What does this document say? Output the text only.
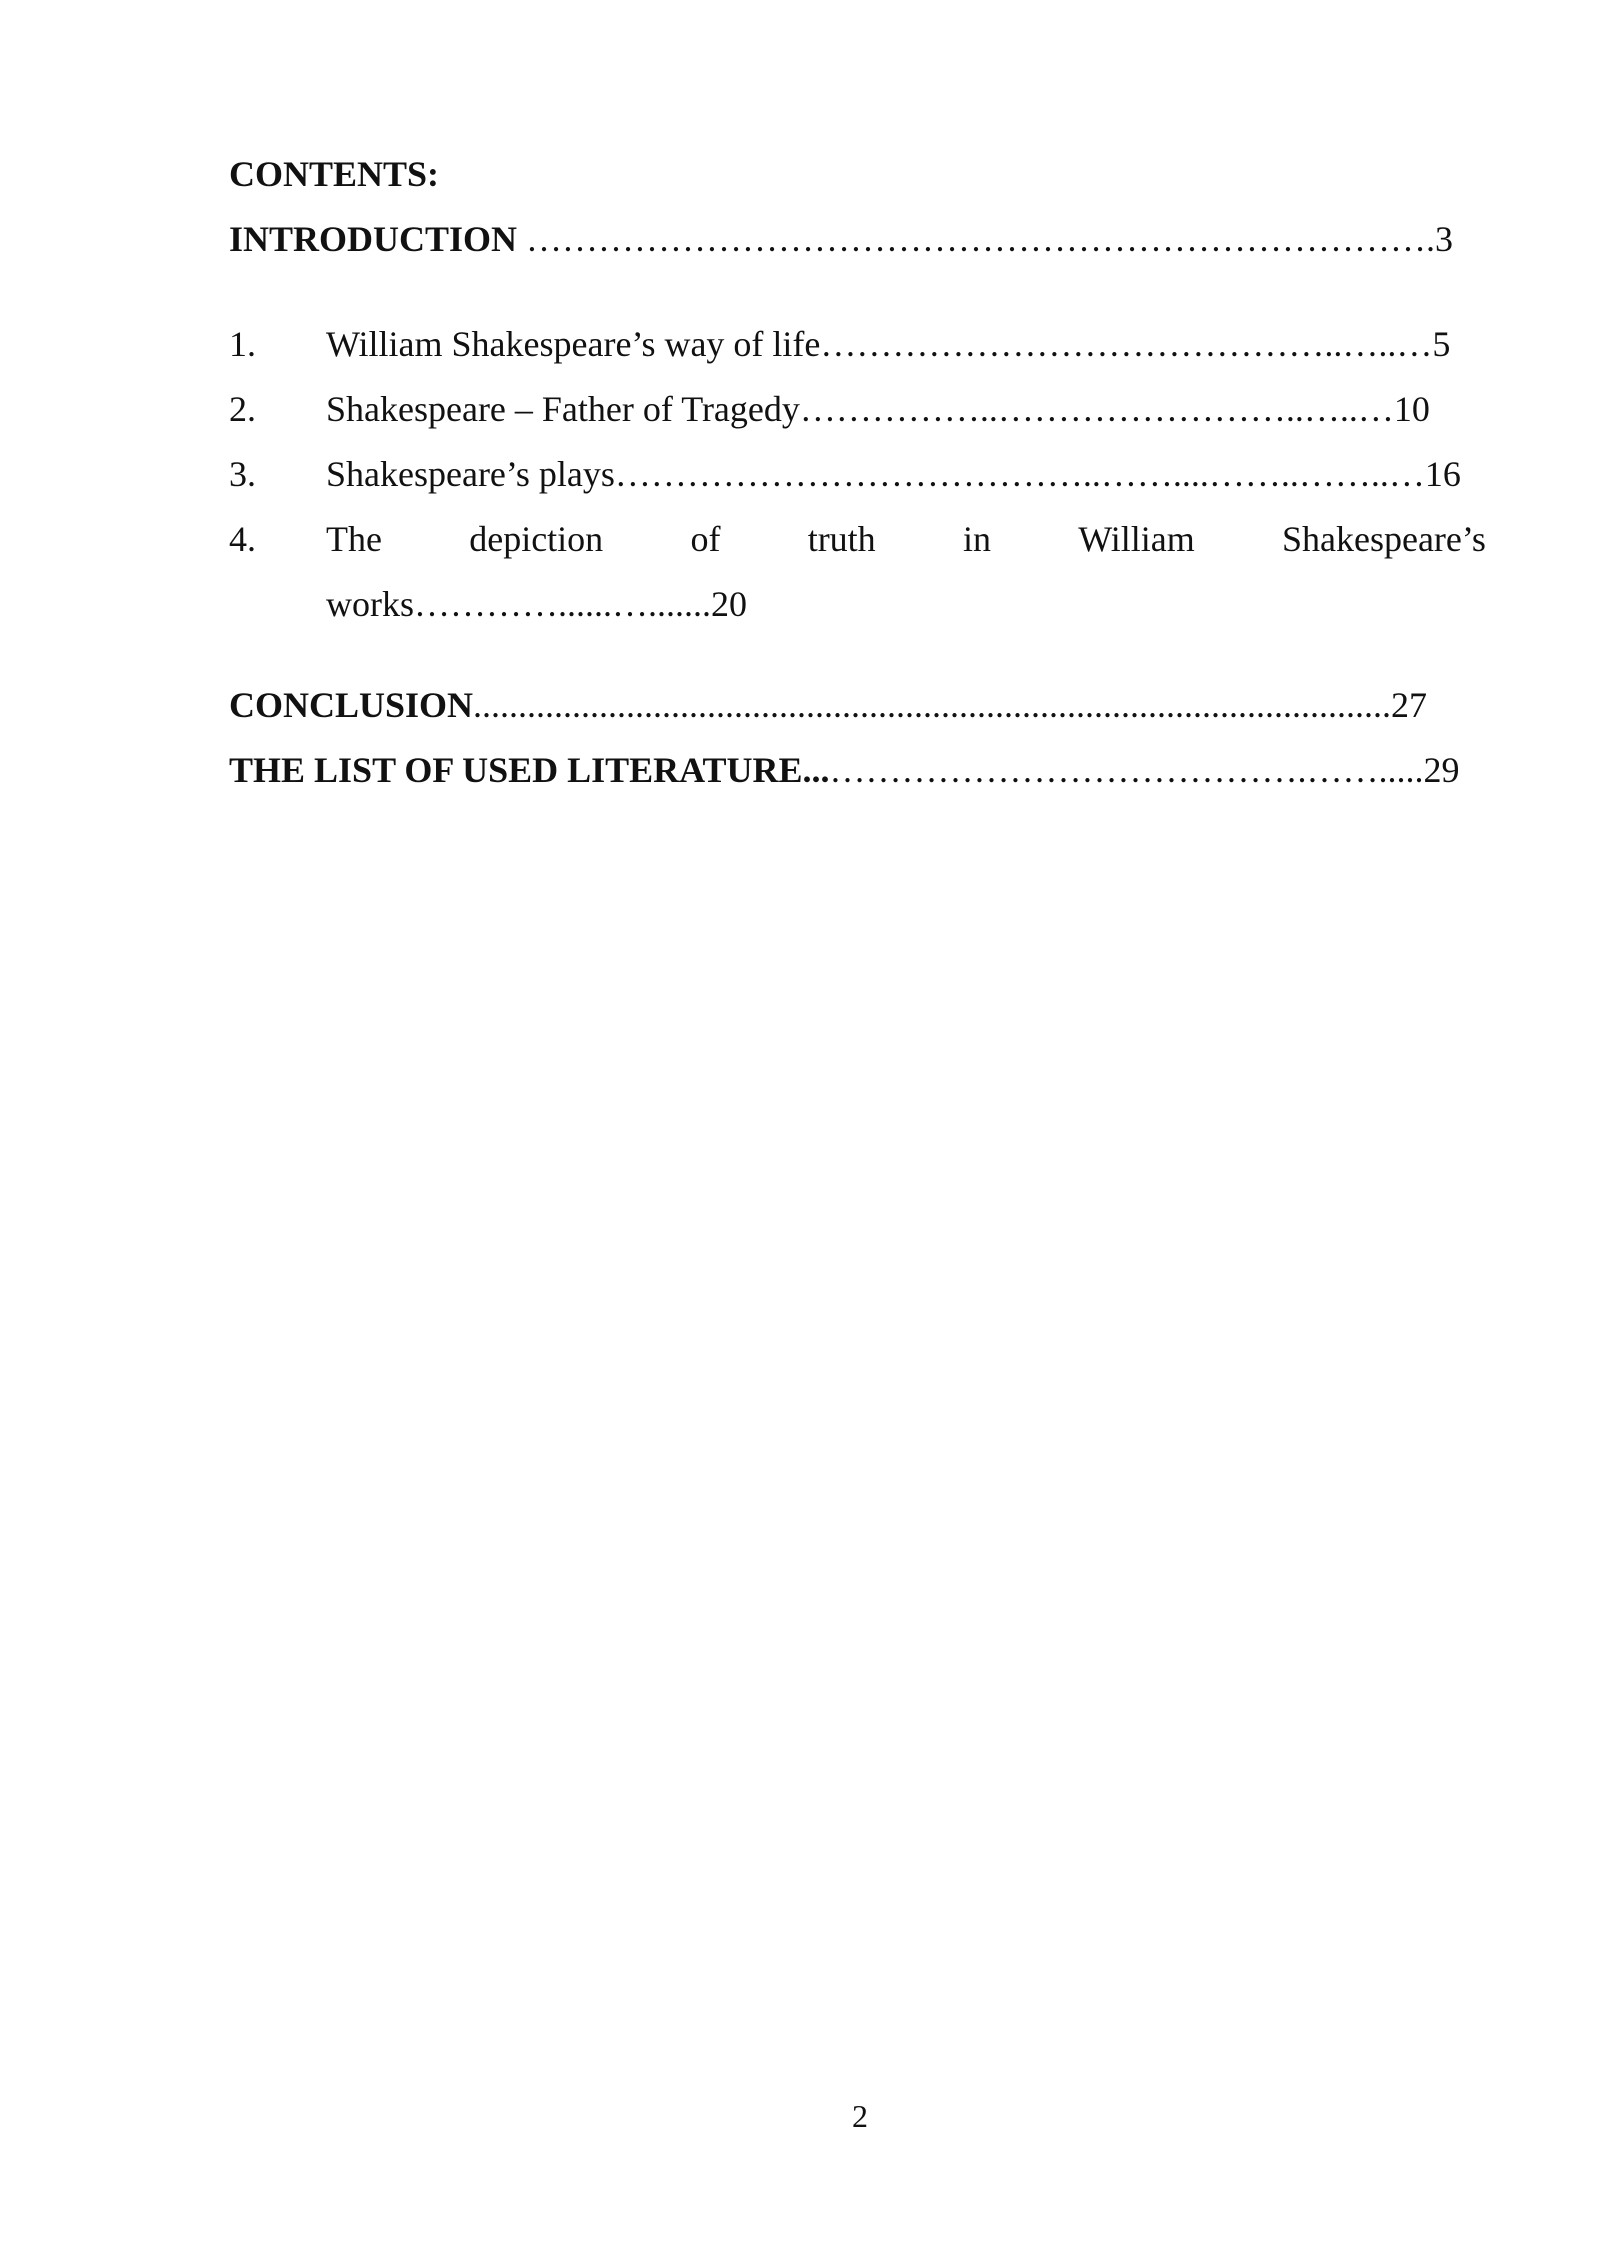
CONTENTS:
INTRODUCTION ………………………………………………………………….3
1. William Shakespeare’s way of life……………………………………..…..…5
2. Shakespeare – Father of Tragedy……………..……………………..…..…10
3. Shakespeare’s plays…………………………………..……....……..……..…16
4. The depiction of truth in William Shakespeare’s
works…………......….......20
CONCLUSION......................................................................................................27
THE LIST OF USED LITERATURE...………………………………….…….....29
2
